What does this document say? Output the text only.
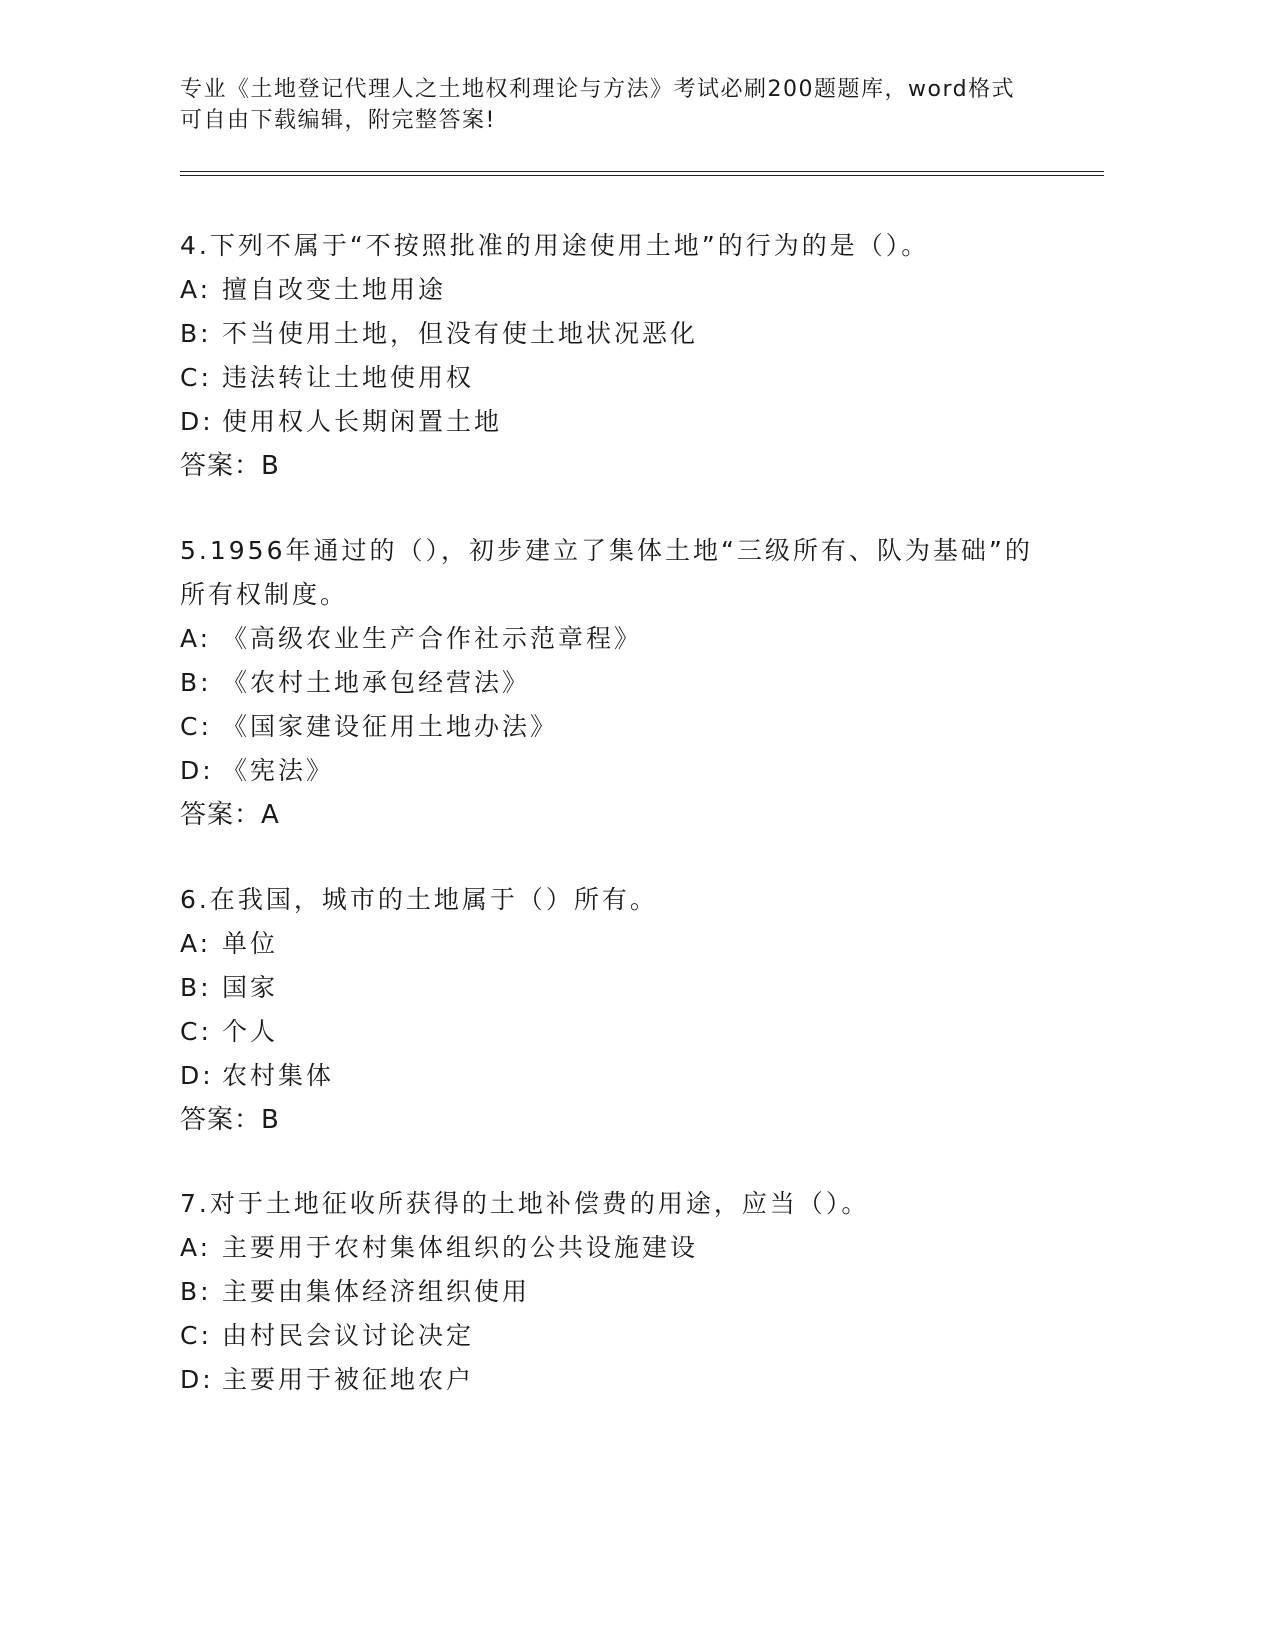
专业《土地登记代理人之土地权利理论与方法》考试必刷200题题库，word格式
可自由下载编辑，附完整答案!
4.下列不属于“不按照批准的用途使用土地”的行为的是（）。
A: 擅自改变土地用途
B: 不当使用土地，但没有使土地状况恶化
C: 违法转让土地使用权
D: 使用权人长期闲置土地
答案：B
5.1956年通过的（），初步建立了集体土地“三级所有、队为基础”的所有权制度。
A: 《高级农业生产合作社示范章程》
B: 《农村土地承包经营法》
C: 《国家建设征用土地办法》
D: 《宪法》
答案：A
6.在我国，城市的土地属于（）所有。
A: 单位
B: 国家
C: 个人
D: 农村集体
答案：B
7.对于土地征收所获得的土地补偿费的用途，应当（）。
A: 主要用于农村集体组织的公共设施建设
B: 主要由集体经济组织使用
C: 由村民会议讨论决定
D: 主要用于被征地农户
